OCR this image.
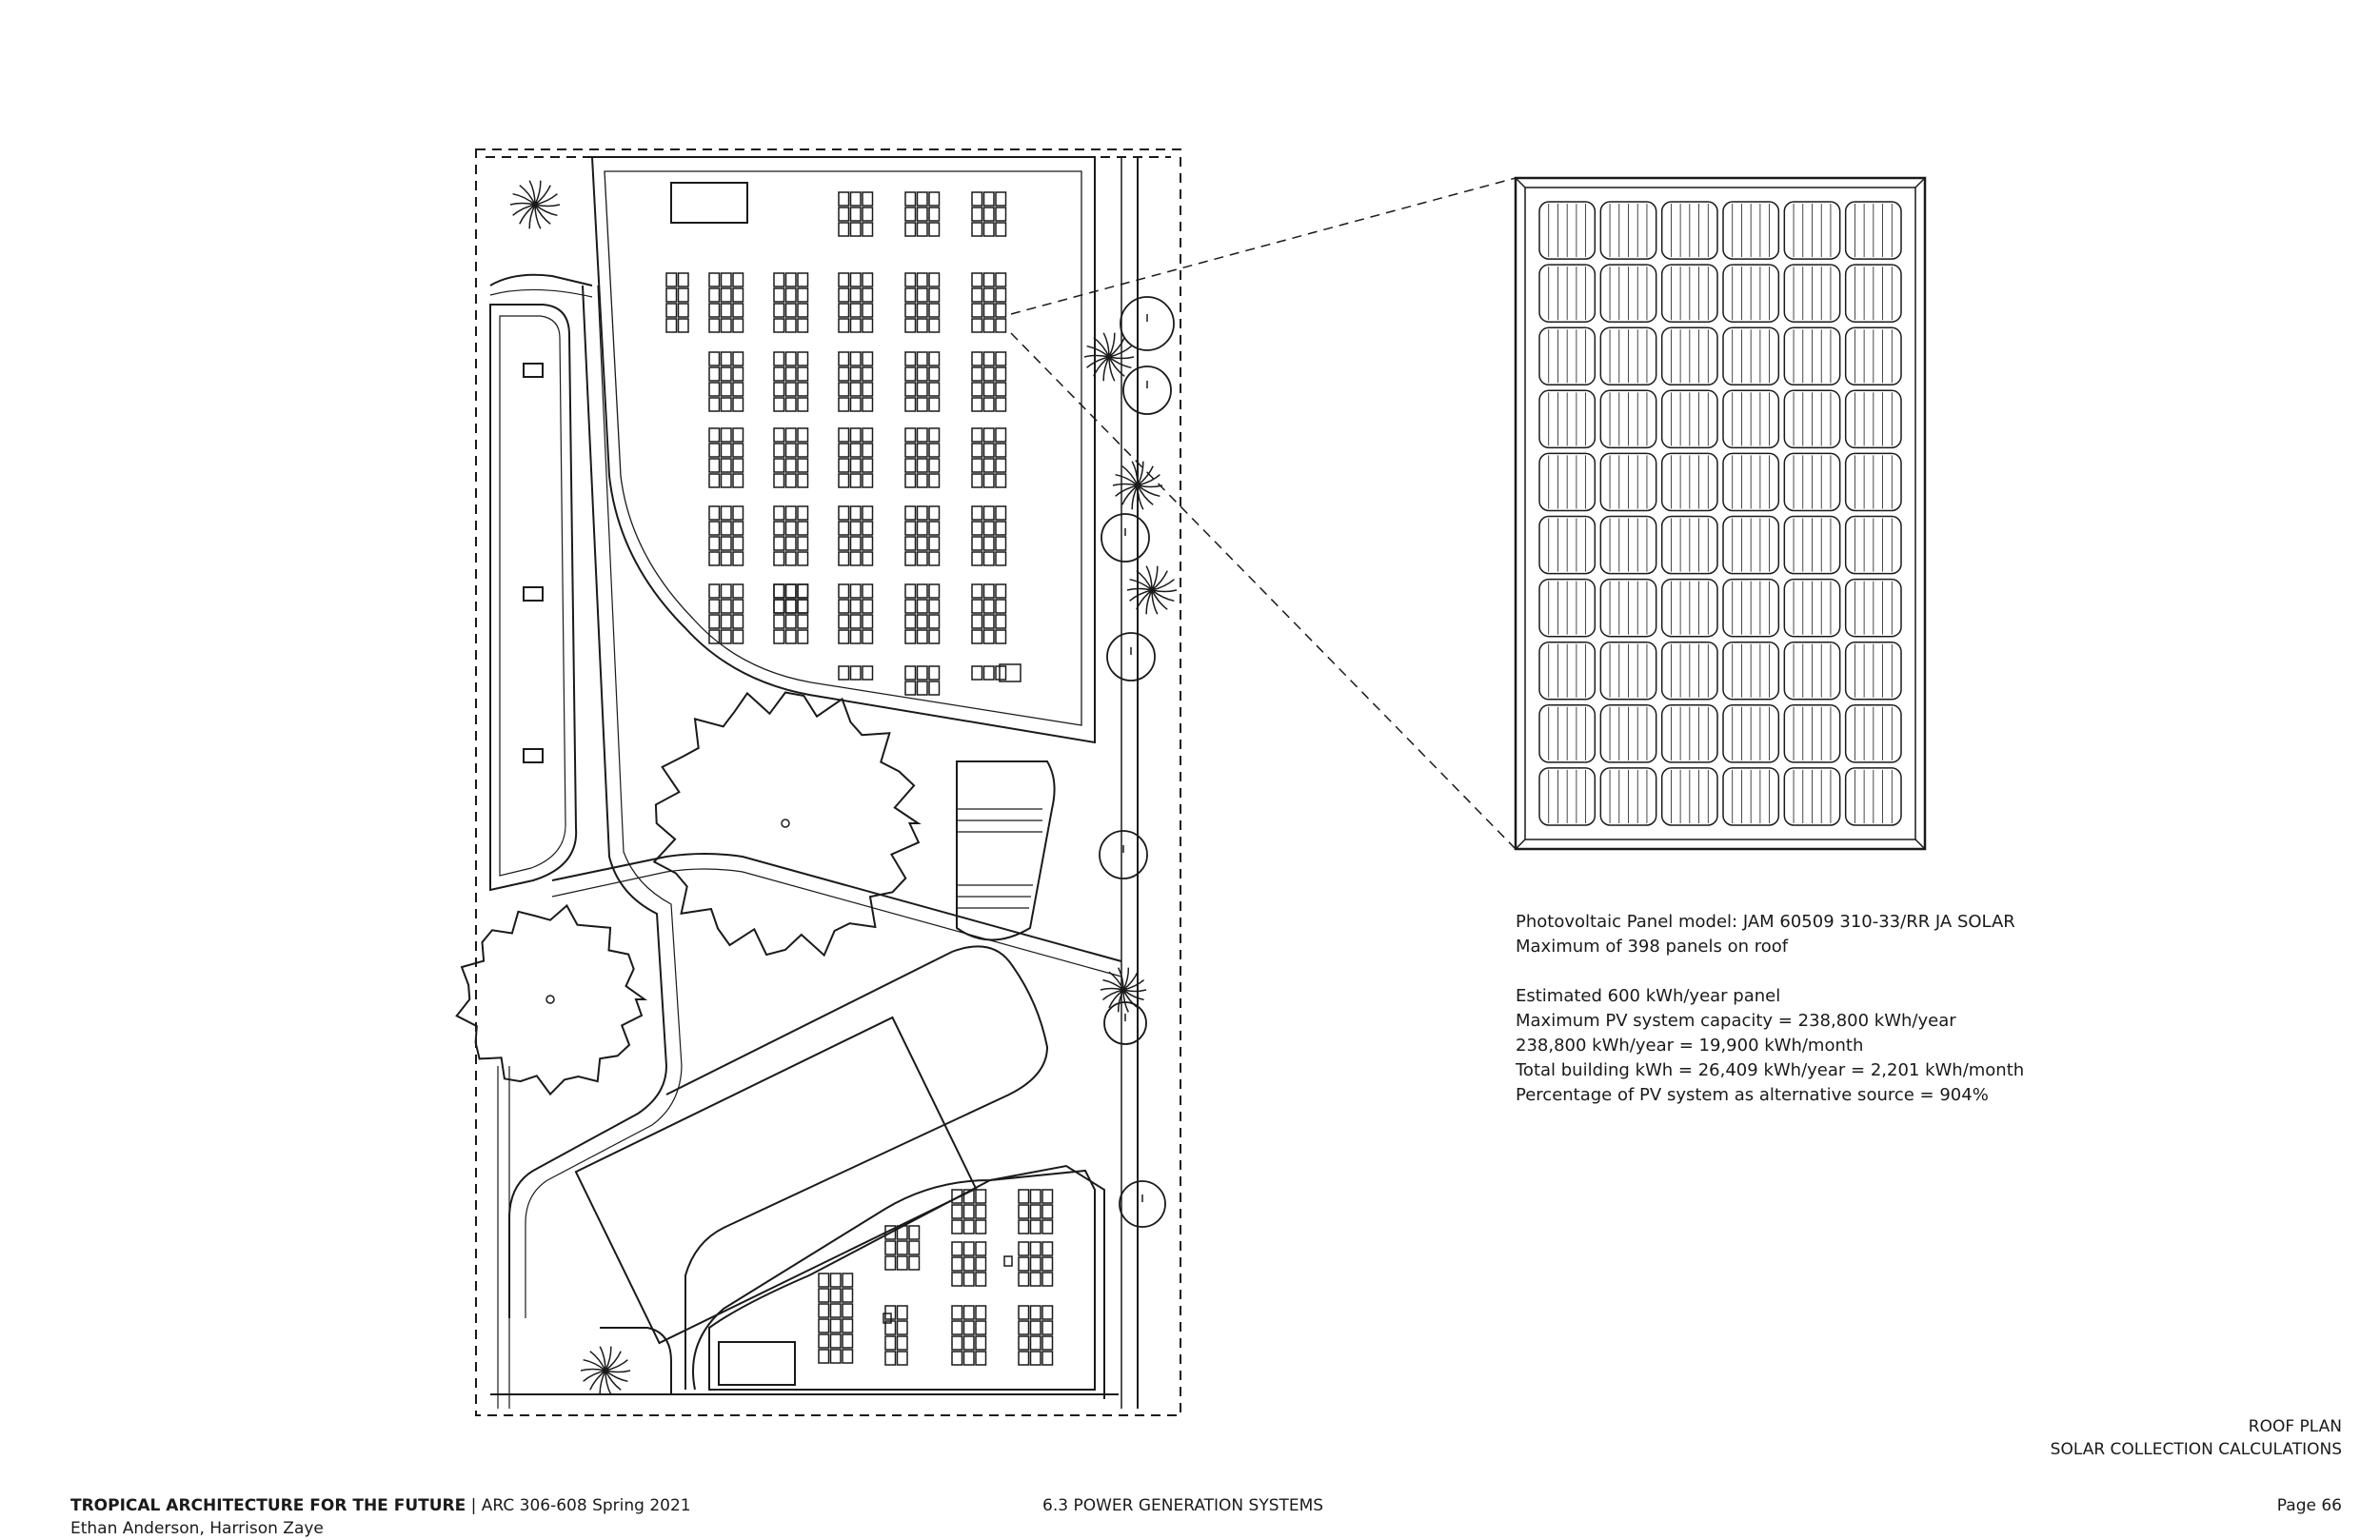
Photovoltaic Panel model: JAM 60509 310-33/RR JA SOLAR
Maximum of 398 panels on roof
Estimated 600 kWh/year panel
Maximum PV system capacity = 238,800 kWh/year
238,800 kWh/year = 19,900 kWh/month
Total building kWh = 26,409 kWh/year = 2,201 kWh/month
Percentage of PV system as alternative source = 904%
ROOF PLAN
SOLAR COLLECTION CALCULATIONS
TROPICAL ARCHITECTURE FOR THE FUTURE | ARC 306-608 Spring 2021
Ethan Anderson, Harrison Zaye
6.3 POWER GENERATION SYSTEMS	Page 66
